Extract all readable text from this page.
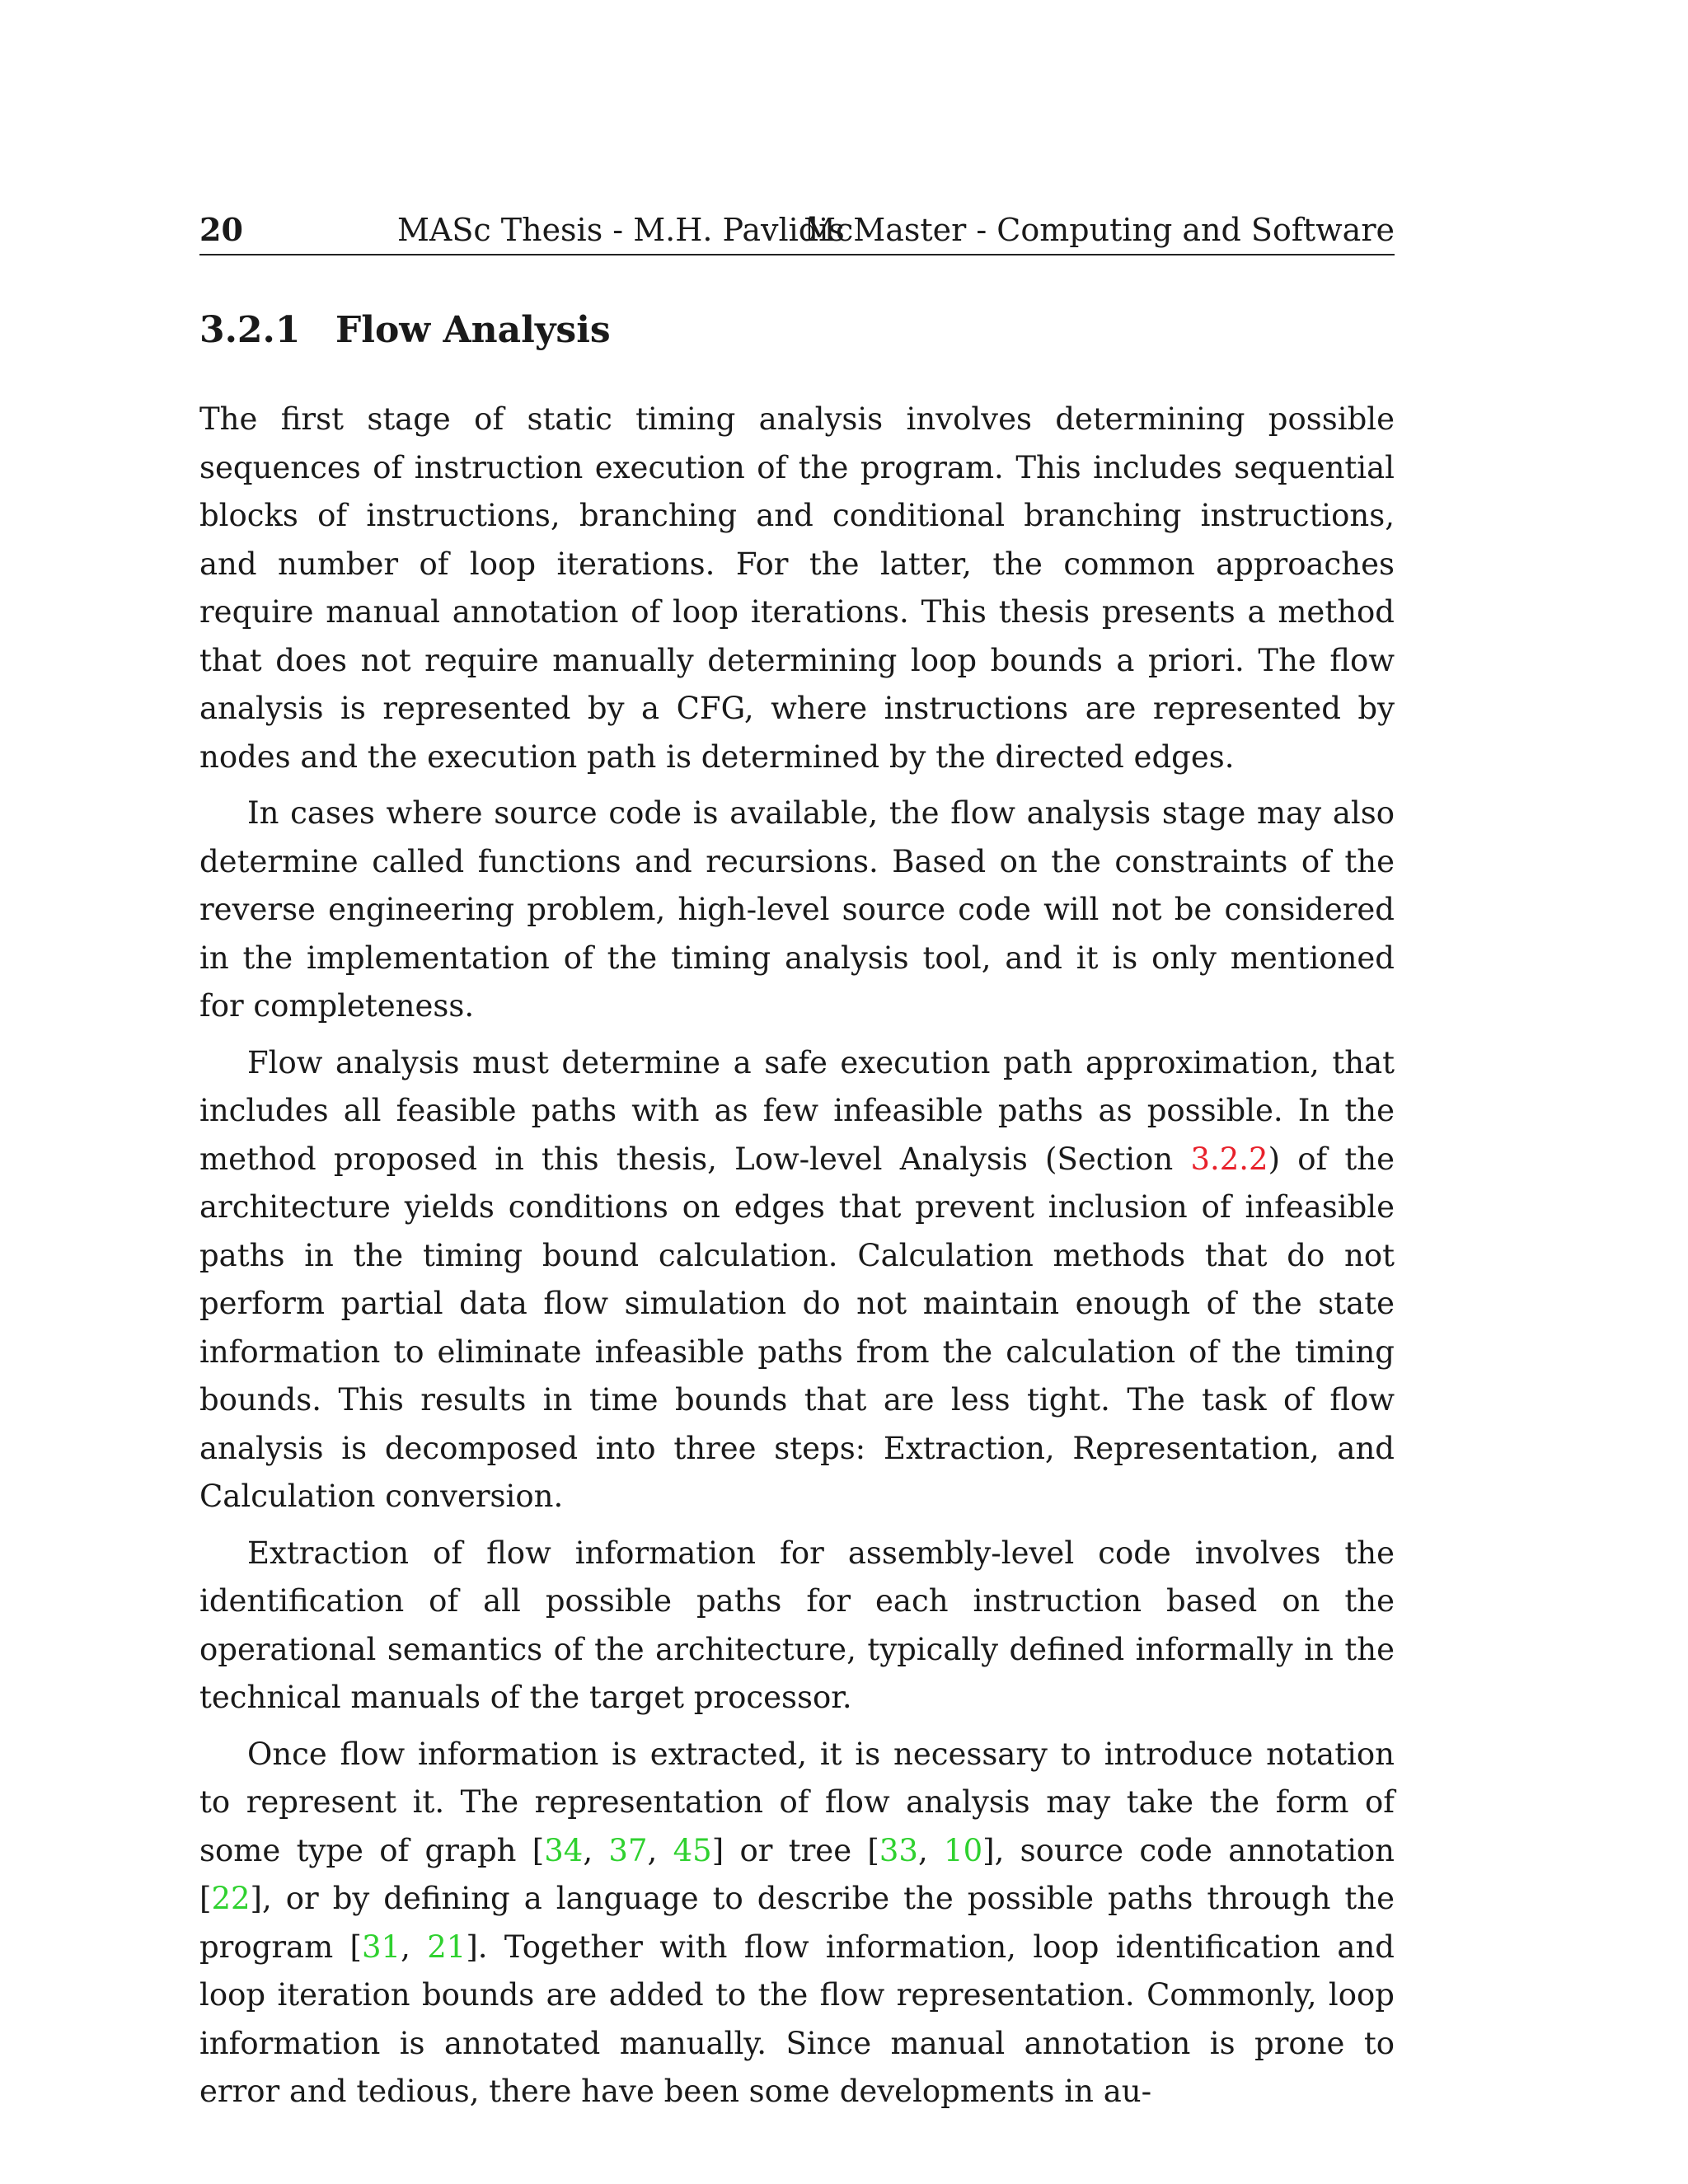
20	MASc Thesis - M.H. Pavlidis
McMaster - Computing and Software
3.2.1 Flow Analysis

The first stage of static timing analysis involves determining possible sequences of instruction execution of the program. This includes sequential blocks of instructions, branching and conditional branching instructions, and number of loop iterations. For the latter, the common approaches require manual annotation of loop iterations. This thesis presents a method that does not require manually determining loop bounds a priori. The flow analysis is represented by a CFG, where instructions are represented by nodes and the execution path is determined by the directed edges.

In cases where source code is available, the flow analysis stage may also determine called functions and recursions. Based on the constraints of the reverse engineering problem, high-level source code will not be considered in the implementation of the timing analysis tool, and it is only mentioned for completeness.

Flow analysis must determine a safe execution path approximation, that includes all feasible paths with as few infeasible paths as possible. In the method proposed in this thesis, Low-level Analysis (Section 3.2.2) of the architecture yields conditions on edges that prevent inclusion of infeasible paths in the timing bound calculation. Calculation methods that do not perform partial data flow simulation do not maintain enough of the state information to eliminate infeasible paths from the calculation of the timing bounds. This results in time bounds that are less tight. The task of flow analysis is decomposed into three steps: Extraction, Representation, and Calculation conversion.

Extraction of flow information for assembly-level code involves the identification of all possible paths for each instruction based on the operational semantics of the architecture, typically defined informally in the technical manuals of the target processor.

Once flow information is extracted, it is necessary to introduce notation to represent it. The representation of flow analysis may take the form of some type of graph [34, 37, 45] or tree [33, 10], source code annotation [22], or by defining a language to describe the possible paths through the program [31, 21]. Together with flow information, loop identification and loop iteration bounds are added to the flow representation. Commonly, loop information is annotated manually. Since manual annotation is prone to error and tedious, there have been some developments in au-
